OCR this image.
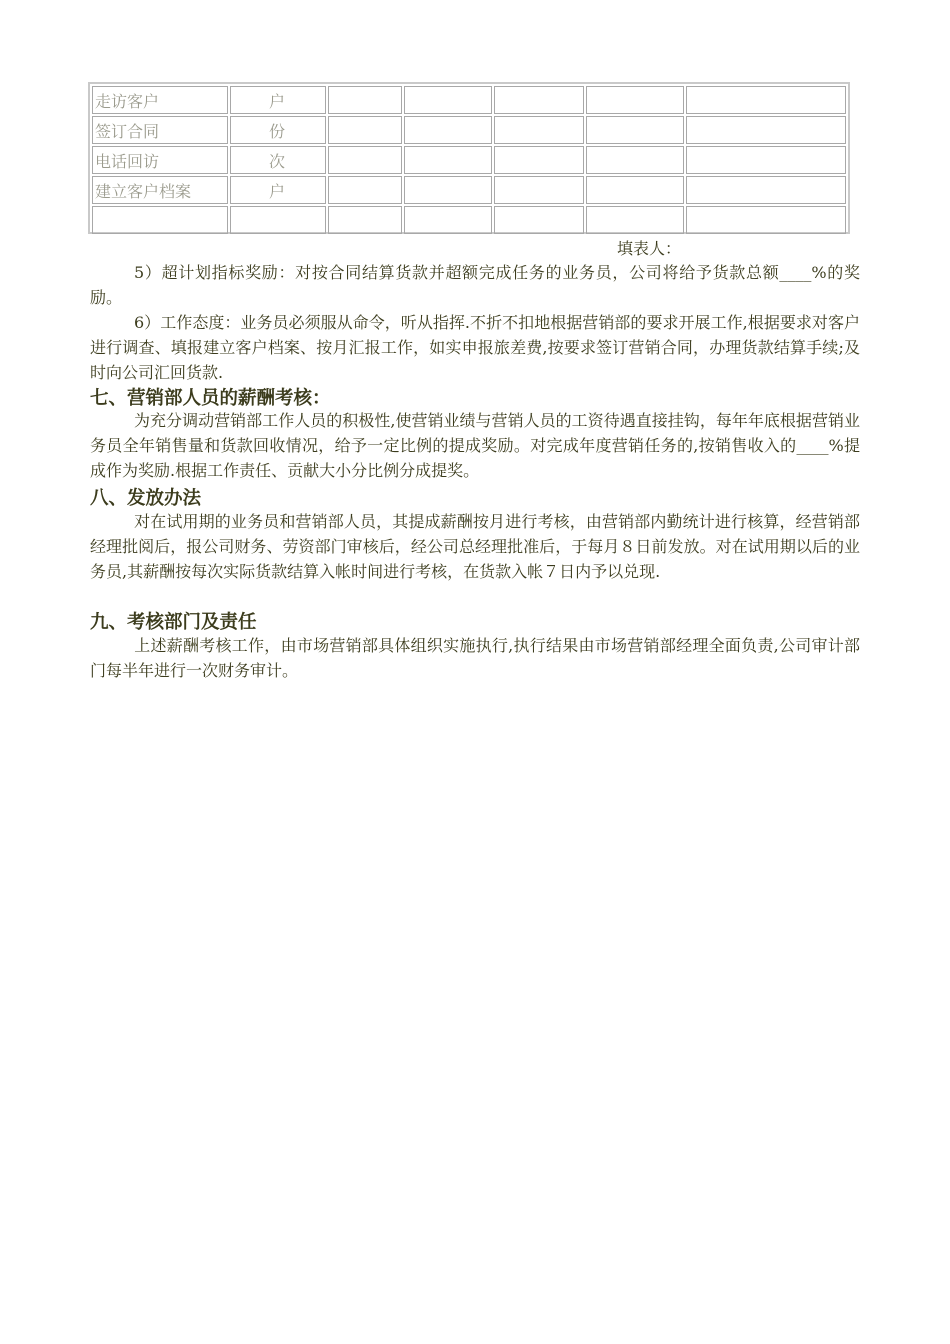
走访客户	户					
签订合同	份					
电话回访	次					
建立客户档案	户					

填表人：
5）超计划指标奖励：对按合同结算货款并超额完成任务的业务员，公司将给予货款总额____%的奖励。
6）工作态度：业务员必须服从命令，听从指挥.不折不扣地根据营销部的要求开展工作,根据要求对客户进行调查、填报建立客户档案、按月汇报工作，如实申报旅差费,按要求签订营销合同，办理货款结算手续;及时向公司汇回货款.
七、营销部人员的薪酬考核：
为充分调动营销部工作人员的积极性,使营销业绩与营销人员的工资待遇直接挂钩，每年年底根据营销业务员全年销售量和货款回收情况，给予一定比例的提成奖励。对完成年度营销任务的,按销售收入的____%提成作为奖励.根据工作责任、贡献大小分比例分成提奖。
八、发放办法
对在试用期的业务员和营销部人员，其提成薪酬按月进行考核，由营销部内勤统计进行核算，经营销部经理批阅后，报公司财务、劳资部门审核后，经公司总经理批准后，于每月８日前发放。对在试用期以后的业务员,其薪酬按每次实际货款结算入帐时间进行考核，在货款入帐７日内予以兑现.
九、考核部门及责任
上述薪酬考核工作，由市场营销部具体组织实施执行,执行结果由市场营销部经理全面负责,公司审计部门每半年进行一次财务审计。
